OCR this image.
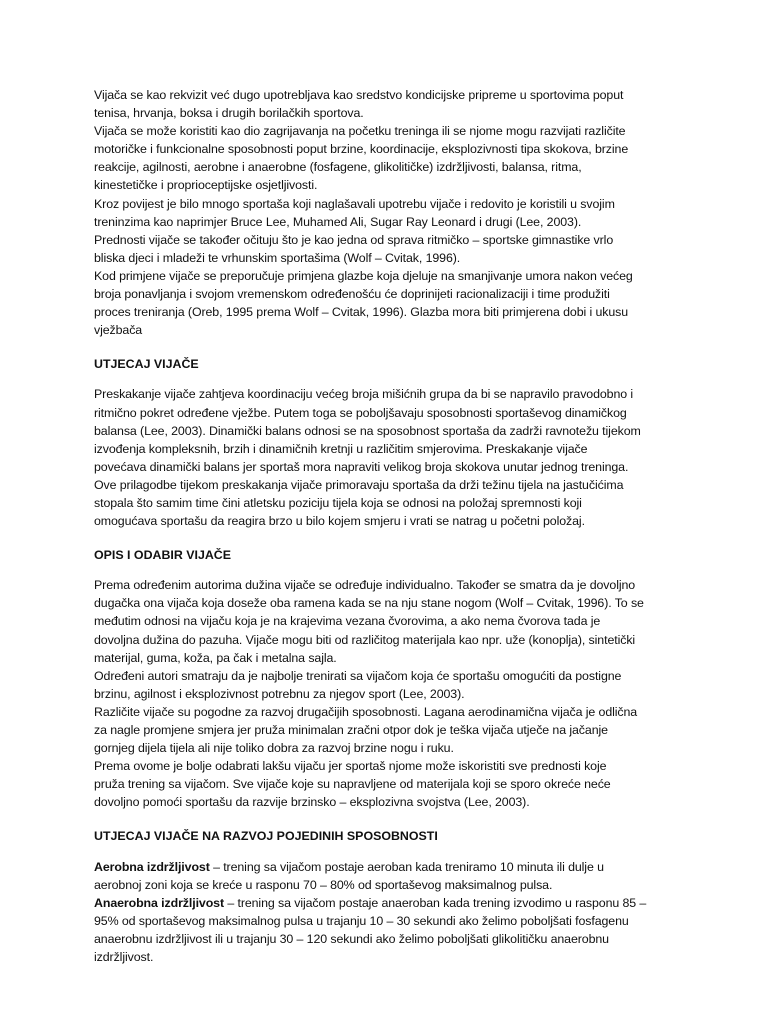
Vijača se kao rekvizit već dugo upotrebljava kao sredstvo kondicijske pripreme u sportovima poput
tenisa, hrvanja, boksa i drugih borilačkih sportova.
Vijača se može koristiti kao dio zagrijavanja na početku treninga ili se njome mogu razvijati različite
motoričke i funkcionalne sposobnosti poput brzine, koordinacije, eksplozivnosti tipa skokova, brzine
reakcije, agilnosti, aerobne i anaerobne (fosfagene, glikolitičke) izdržljivosti, balansa, ritma,
kinestetičke i proprioceptijske osjetljivosti.
Kroz povijest je bilo mnogo sportaša koji naglašavali upotrebu vijače i redovito je koristili u svojim
treninzima kao naprimjer Bruce Lee, Muhamed Ali, Sugar Ray Leonard i drugi (Lee, 2003).
Prednosti vijače se također očituju što je kao jedna od sprava ritmičko – sportske gimnastike vrlo
bliska djeci i mladeži te vrhunskim sportašima (Wolf – Cvitak, 1996).
Kod primjene vijače se preporučuje primjena glazbe koja djeluje na smanjivanje umora nakon većeg
broja ponavljanja i svojom vremenskom određenošću će doprinijeti racionalizaciji i time produžiti
proces treniranja (Oreb, 1995 prema Wolf – Cvitak, 1996). Glazba mora biti primjerena dobi i ukusu
vježbača

UTJECAJ VIJAČE

Preskakanje vijače zahtjeva koordinaciju većeg broja mišićnih grupa da bi se napravilo pravodobno i
ritmično pokret određene vježbe. Putem toga se poboljšavaju sposobnosti sportaševog dinamičkog
balansa (Lee, 2003). Dinamički balans odnosi se na sposobnost sportaša da zadrži ravnotežu tijekom
izvođenja kompleksnih, brzih i dinamičnih kretnji u različitim smjerovima. Preskakanje vijače
povećava dinamički balans jer sportaš mora napraviti velikog broja skokova unutar jednog treninga.
Ove prilagodbe tijekom preskakanja vijače primoravaju sportaša da drži težinu tijela na jastučićima
stopala što samim time čini atletsku poziciju tijela koja se odnosi na položaj spremnosti koji
omogućava sportašu da reagira brzo u bilo kojem smjeru i vrati se natrag u početni položaj.

OPIS I ODABIR VIJAČE

Prema određenim autorima dužina vijače se određuje individualno. Također se smatra da je dovoljno
dugačka ona vijača koja doseže oba ramena kada se na nju stane nogom (Wolf – Cvitak, 1996). To se
međutim odnosi na vijaču koja je na krajevima vezana čvorovima, a ako nema čvorova tada je
dovoljna dužina do pazuha. Vijače mogu biti od različitog materijala kao npr. uže (konoplja), sintetički
materijal, guma, koža, pa čak i metalna sajla.
Određeni autori smatraju da je najbolje trenirati sa vijačom koja će sportašu omogućiti da postigne
brzinu, agilnost i eksplozivnost potrebnu za njegov sport (Lee, 2003).
Različite vijače su pogodne za razvoj drugačijih sposobnosti. Lagana aerodinamična vijača je odlična
za nagle promjene smjera jer pruža minimalan zračni otpor dok je teška vijača utječe na jačanje
gornjeg dijela tijela ali nije toliko dobra za razvoj brzine nogu i ruku.
Prema ovome je bolje odabrati lakšu vijaču jer sportaš njome može iskoristiti sve prednosti koje
pruža trening sa vijačom. Sve vijače koje su napravljene od materijala koji se sporo okreće neće
dovoljno pomoći sportašu da razvije brzinsko – eksplozivna svojstva (Lee, 2003).

UTJECAJ VIJAČE NA RAZVOJ POJEDINIH SPOSOBNOSTI

Aerobna izdržljivost – trening sa vijačom postaje aeroban kada treniramo 10 minuta ili dulje u
aerobnoj zoni koja se kreće u rasponu 70 – 80% od sportaševog maksimalnog pulsa.

Anaerobna izdržljivost – trening sa vijačom postaje anaeroban kada trening izvodimo u rasponu 85 –
95% od sportaševog maksimalnog pulsa u trajanju 10 – 30 sekundi ako želimo poboljšati fosfagenu
anaerobnu izdržljivost ili u trajanju 30 – 120 sekundi ako želimo poboljšati glikolitičku anaerobnu
izdržljivost.
